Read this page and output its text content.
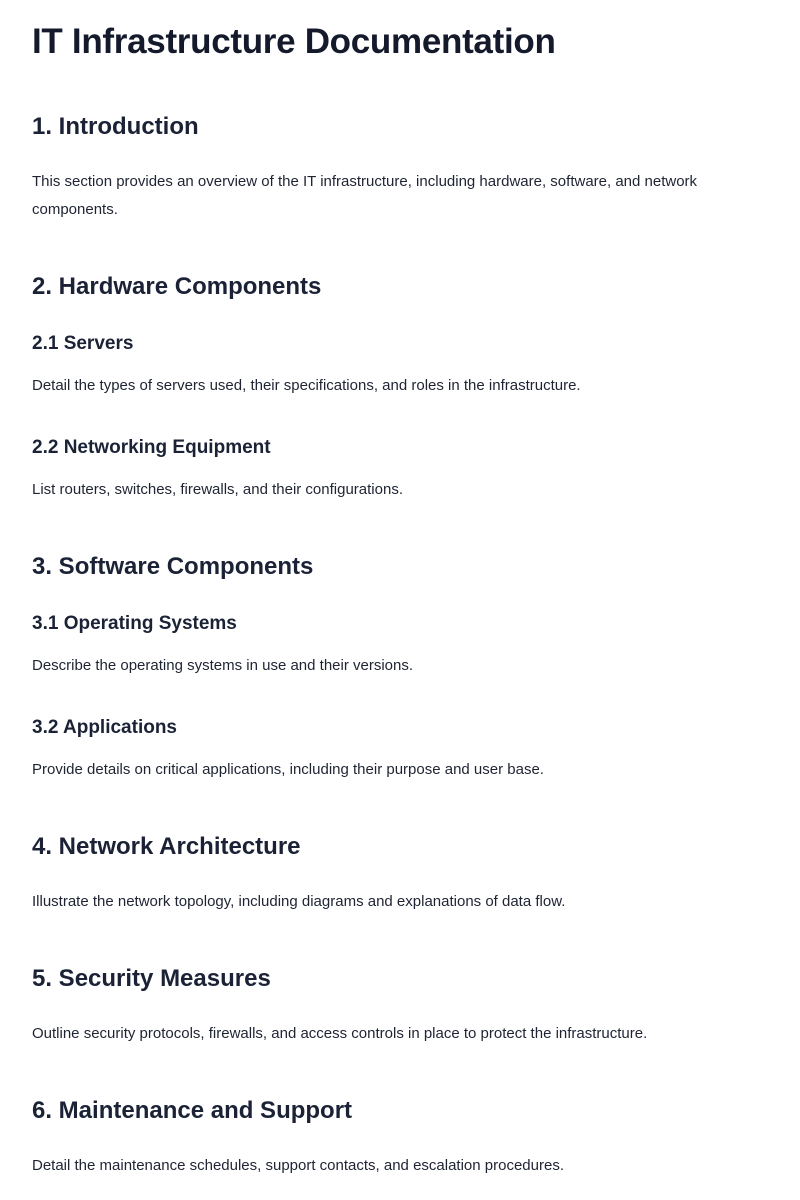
IT Infrastructure Documentation
1. Introduction

This section provides an overview of the IT infrastructure, including hardware, software, and network components.

2. Hardware Components
2.1 Servers

Detail the types of servers used, their specifications, and roles in the infrastructure.

2.2 Networking Equipment

List routers, switches, firewalls, and their configurations.

3. Software Components
3.1 Operating Systems

Describe the operating systems in use and their versions.

3.2 Applications

Provide details on critical applications, including their purpose and user base.

4. Network Architecture

Illustrate the network topology, including diagrams and explanations of data flow.

5. Security Measures

Outline security protocols, firewalls, and access controls in place to protect the infrastructure.

6. Maintenance and Support

Detail the maintenance schedules, support contacts, and escalation procedures.
